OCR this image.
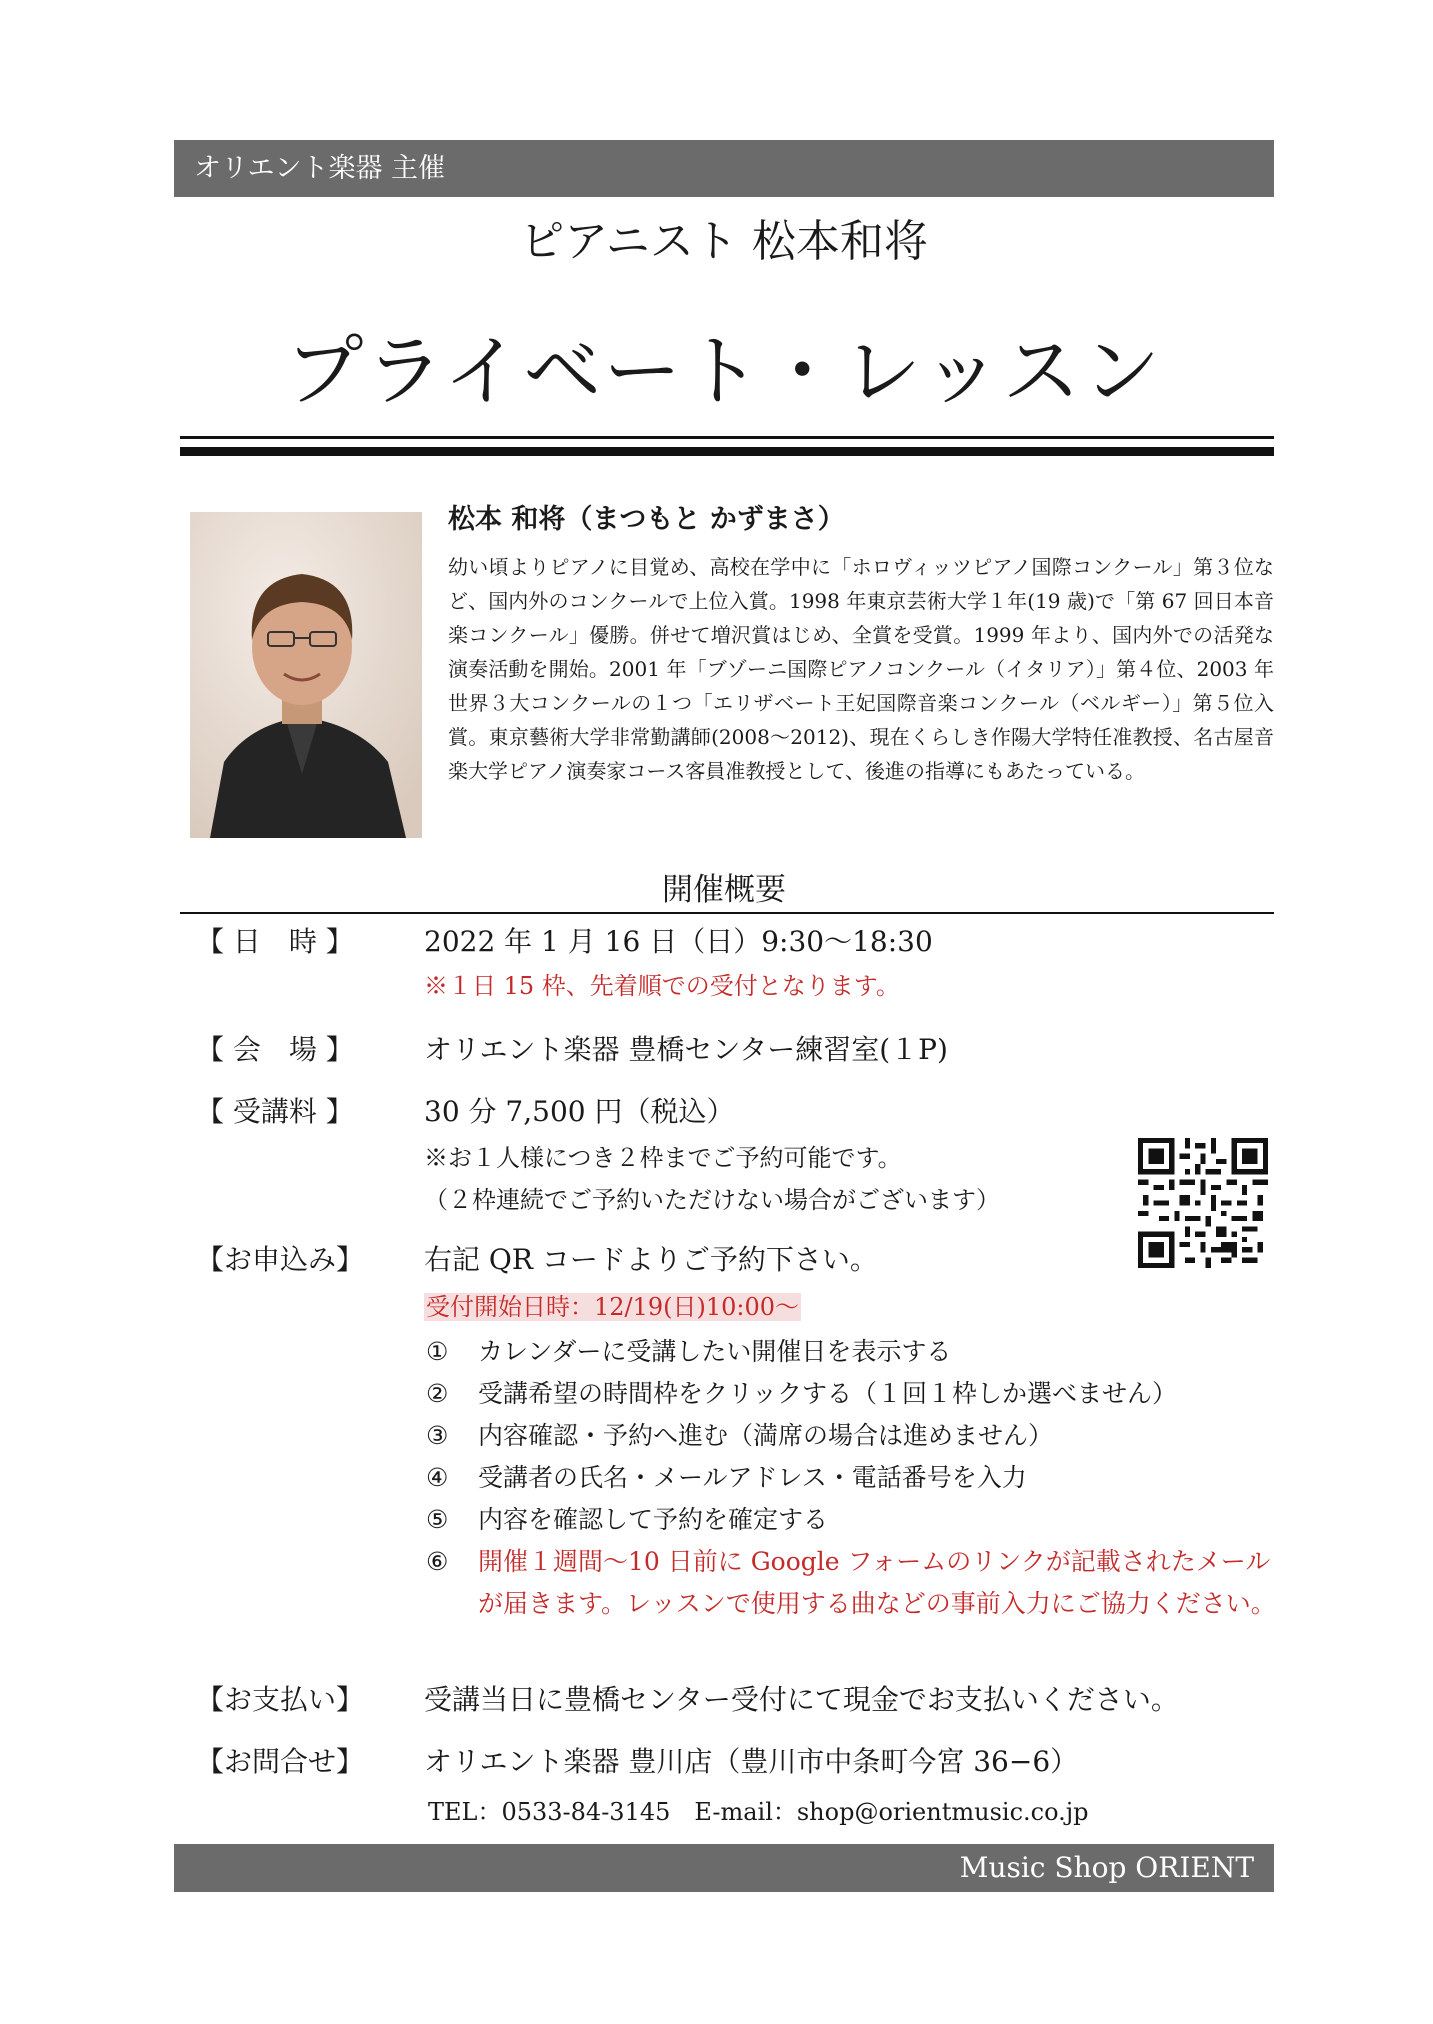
オリエント楽器 主催
ピアニスト 松本和将
プライベート・レッスン
松本 和将（まつもと かずまさ）

幼い頃よりピアノに目覚め、高校在学中に「ホロヴィッツピアノ国際コンクール」第３位など、国内外のコンクールで上位入賞。1998 年東京芸術大学１年(19 歳)で「第 67 回日本音楽コンクール」優勝。併せて増沢賞はじめ、全賞を受賞。1999 年より、国内外での活発な演奏活動を開始。2001 年「ブゾーニ国際ピアノコンクール（イタリア）」第４位、2003 年世界３大コンクールの１つ「エリザベート王妃国際音楽コンクール（ベルギー）」第５位入賞。東京藝術大学非常勤講師(2008～2012)、現在くらしき作陽大学特任准教授、名古屋音楽大学ピアノ演奏家コース客員准教授として、後進の指導にもあたっている。

開催概要
【 日　時 】	2022 年 1 月 16 日（日）9:30～18:30
※１日 15 枠、先着順での受付となります。
【 会　場 】	オリエント楽器 豊橋センター練習室(１P)
【 受講料 】	30 分 7,500 円（税込）
※お１人様につき２枠までご予約可能です。
（２枠連続でご予約いただけない場合がございます）
【お申込み】	右記 QR コードよりご予約下さい。
受付開始日時：12/19(日)10:00～
①	カレンダーに受講したい開催日を表示する
②	受講希望の時間枠をクリックする（１回１枠しか選べません）
③	内容確認・予約へ進む（満席の場合は進めません）
④	受講者の氏名・メールアドレス・電話番号を入力
⑤	内容を確認して予約を確定する
⑥	開催１週間～10 日前に Google フォームのリンクが記載されたメールが届きます。レッスンで使用する曲などの事前入力にご協力ください。
【お支払い】	受講当日に豊橋センター受付にて現金でお支払いください。
【お問合せ】	オリエント楽器 豊川店（豊川市中条町今宮 36−6）
TEL：0533-84-3145　E-mail：shop@orientmusic.co.jp
Music Shop ORIENT
